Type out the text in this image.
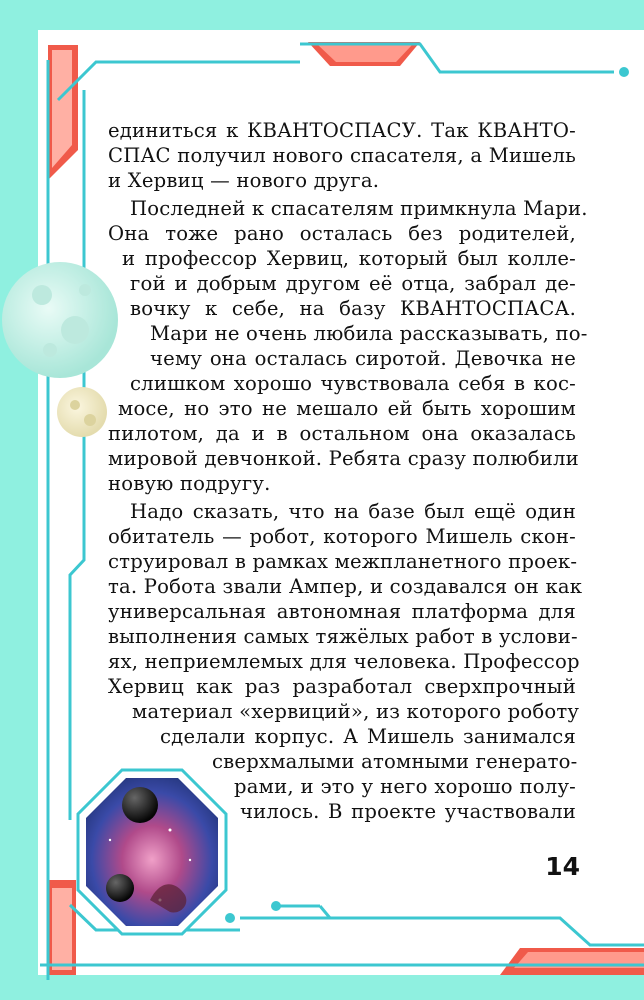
единиться к КВАНТОСПАСУ. Так КВАНТО-
СПАС получил нового спасателя, а Мишель
и Хервиц — нового друга.
Последней к спасателям примкнула Мари.
Она тоже рано осталась без родителей,
и профессор Хервиц, который был колле-
гой и добрым другом её отца, забрал де-
вочку к себе, на базу КВАНТОСПАСА.
Мари не очень любила рассказывать, по-
чему она осталась сиротой. Девочка не
слишком хорошо чувствовала себя в кос-
мосе, но это не мешало ей быть хорошим
пилотом, да и в остальном она оказалась
мировой девчонкой. Ребята сразу полюбили
новую подругу.
Надо сказать, что на базе был ещё один
обитатель — робот, которого Мишель скон-
струировал в рамках межпланетного проек-
та. Робота звали Ампер, и создавался он как
универсальная автономная платформа для
выполнения самых тяжёлых работ в услови-
ях, неприемлемых для человека. Профессор
Хервиц как раз разработал сверхпрочный
материал «хервиций», из которого роботу
сделали корпус. А Мишель занимался
сверхмалыми атомными генерато-
рами, и это у него хорошо полу-
чилось. В проекте участвовали
14
